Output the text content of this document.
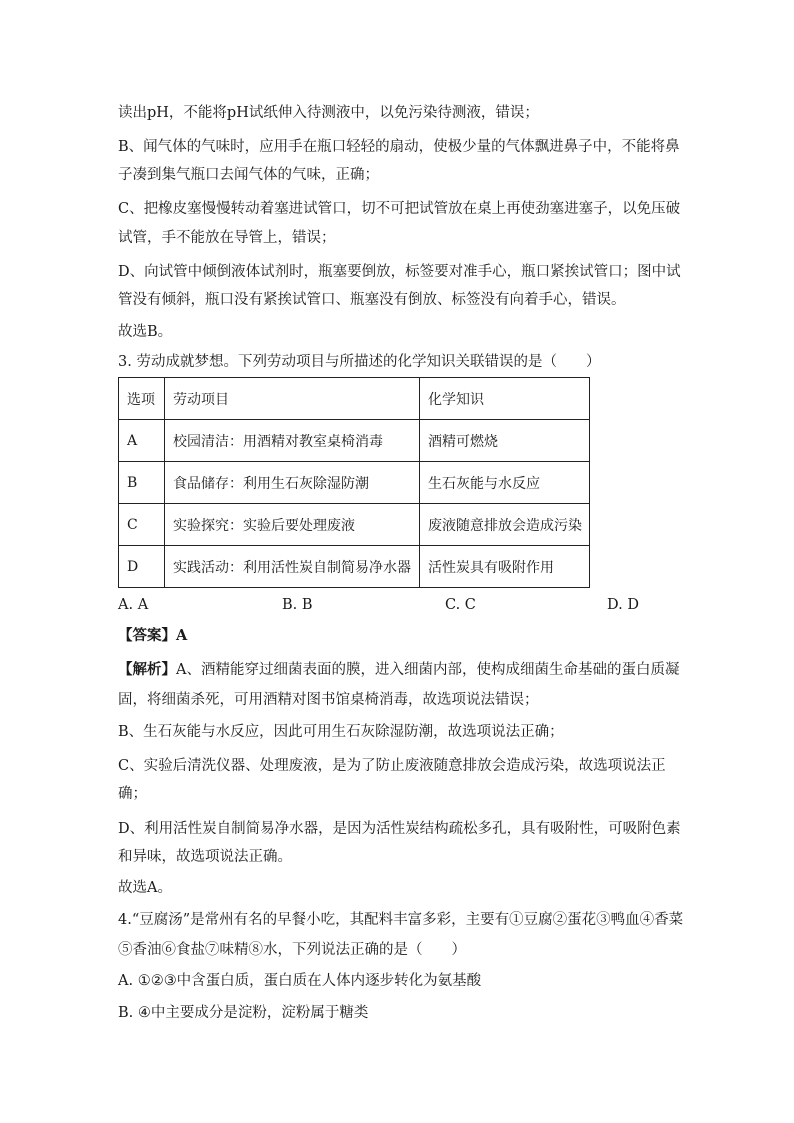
读出pH，不能将pH试纸伸入待测液中，以免污染待测液，错误；
B、闻气体的气味时，应用手在瓶口轻轻的扇动，使极少量的气体飘进鼻子中，不能将鼻
子凑到集气瓶口去闻气体的气味，正确；
C、把橡皮塞慢慢转动着塞进试管口，切不可把试管放在桌上再使劲塞进塞子，以免压破
试管，手不能放在导管上，错误；
D、向试管中倾倒液体试剂时，瓶塞要倒放，标签要对准手心，瓶口紧挨试管口；图中试
管没有倾斜，瓶口没有紧挨试管口、瓶塞没有倒放、标签没有向着手心，错误。
故选B。
3. 劳动成就梦想。下列劳动项目与所描述的化学知识关联错误的是（　　）
选项	劳动项目	化学知识
A	校园清洁：用酒精对教室桌椅消毒	酒精可燃烧
B	食品储存：利用生石灰除湿防潮	生石灰能与水反应
C	实验探究：实验后要处理废液	废液随意排放会造成污染
D	实践活动：利用活性炭自制简易净水器	活性炭具有吸附作用
A. A	B. B	C. C	D. D
【答案】A
【解析】A、酒精能穿过细菌表面的膜，进入细菌内部，使构成细菌生命基础的蛋白质凝
固，将细菌杀死，可用酒精对图书馆桌椅消毒，故选项说法错误；
B、生石灰能与水反应，因此可用生石灰除湿防潮，故选项说法正确；
C、实验后清洗仪器、处理废液，是为了防止废液随意排放会造成污染，故选项说法正
确；
D、利用活性炭自制简易净水器，是因为活性炭结构疏松多孔，具有吸附性，可吸附色素
和异味，故选项说法正确。
故选A。
4.“豆腐汤”是常州有名的早餐小吃，其配料丰富多彩，主要有①豆腐②蛋花③鸭血④香菜
⑤香油⑥食盐⑦味精⑧水，下列说法正确的是（　　）
A. ①②③中含蛋白质，蛋白质在人体内逐步转化为氨基酸
B. ④中主要成分是淀粉，淀粉属于糖类
